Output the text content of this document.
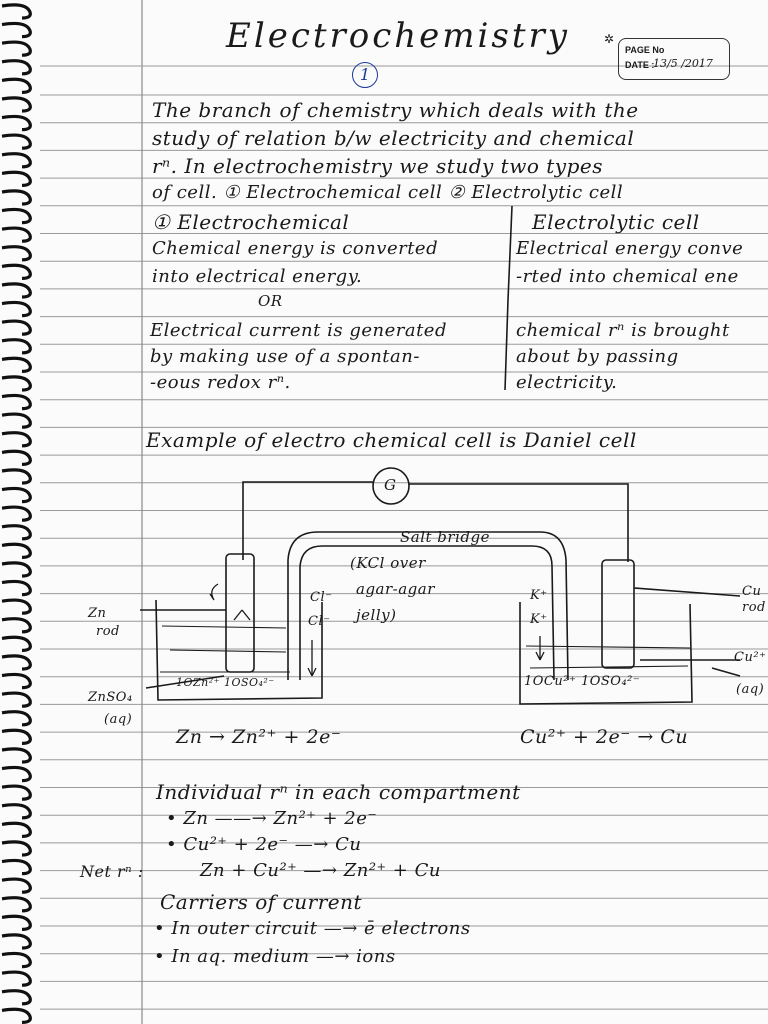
Electrochemistry	✲
PAGE No
DATE :
13/5 /2017
1
The branch of chemistry which deals with the
study of relation b/w electricity and chemical
rⁿ. In electrochemistry we study two types
of cell. ① Electrochemical cell ② Electrolytic cell
① Electrochemical
Chemical energy is converted
into electrical energy.
OR
Electrical current is generated
by making use of a spontan-
-eous redox rⁿ.
Electrolytic cell
Electrical energy conve
-rted into chemical ene
chemical rⁿ is brought
about by passing
electricity.
Example of electro chemical cell is Daniel cell
Salt bridge
(KCl over
agar-agar
jelly)
G
Zn
rod
ZnSO₄
(aq)
1OZn²⁺ 1OSO₄²⁻	1OCu²⁺ 1OSO₄²⁻
Cl⁻
Cl⁻
K⁺
K⁺
Cu
rod
Cu²⁺
(aq)
Zn → Zn²⁺ + 2e⁻	Cu²⁺ + 2e⁻ → Cu
Individual rⁿ in each compartment
• Zn ——→ Zn²⁺ + 2e⁻
• Cu²⁺ + 2e⁻ —→ Cu
Net rⁿ :	Zn + Cu²⁺ —→ Zn²⁺ + Cu
Carriers of current
• In outer circuit —→ ē electrons
• In aq. medium —→ ions
